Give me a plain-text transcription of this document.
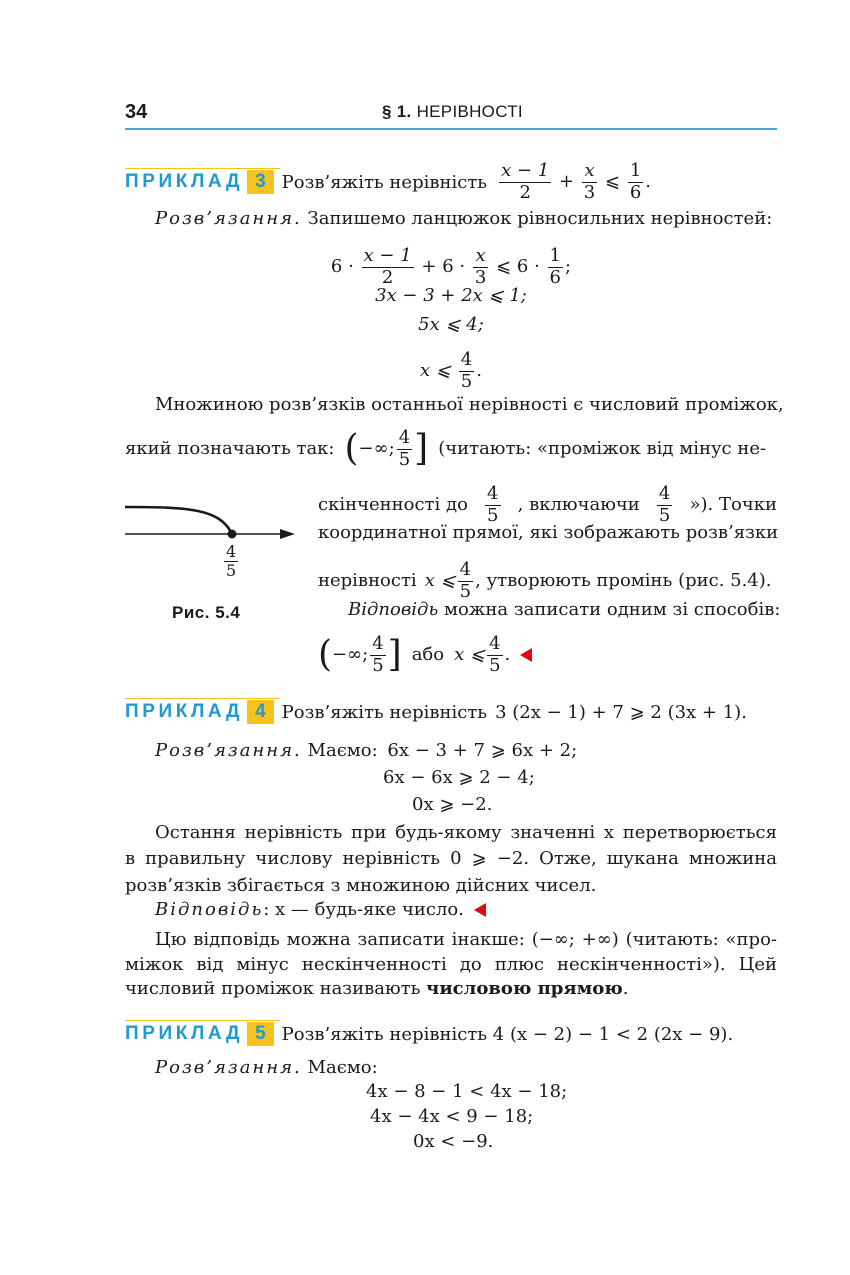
34	§ 1. НЕРІВНОСТІ
ПРИКЛАД 3 Розв’яжіть нерівність $\frac{x - 1}{2} + \frac{x}{3}$ ⩽ $\frac{1}{6}$ .
Розв’язання. Запишемо ланцюжок рівносильних нерівностей:
$6 \cdot \frac{x - 1}{2} + 6 \cdot \frac{x}{3}$ ⩽ $6 \cdot \frac{1}{6}$ ;
3x − 3 + 2x ⩽ 1;
5x ⩽ 4;
x ⩽ $\frac{4}{5}$ .
Множиною розв’язків останньої нерівності є числовий проміжок,
який позначають так: ( −∞; $\frac{4}{5}$ ] (читають: «проміжок від мінус не-
скінченності до $\frac{4}{5}$ , включаючи $\frac{4}{5}$ »). Точки
координатної прямої, які зображають розв’язки
нерівності x ⩽ $\frac{4}{5}$ , утворюють промінь (рис. 5.4).
Відповідь можна записати одним зі способів:
( −∞; $\frac{4}{5}$ ] або x ⩽ $\frac{4}{5}$ .
$\frac{4}{5}$
Рис. 5.4
ПРИКЛАД 4 Розв’яжіть нерівність 3 (2x − 1) + 7 ⩾ 2 (3x + 1).
Розв’язання. Маємо: 6x − 3 + 7 ⩾ 6x + 2;
6x − 6x ⩾ 2 − 4;
0x ⩾ −2.
Остання нерівність при будь-якому значенні x перетворюється
в правильну числову нерівність 0 ⩾ −2. Отже, шукана множина
розв’язків збігається з множиною дійсних чисел.
Відповідь : x — будь-яке число.
Цю відповідь можна записати інакше: (−∞; +∞) (читають: «про-
міжок від мінус нескінченності до плюс нескінченності»). Цей
числовий проміжок називають числовою прямою.
ПРИКЛАД 5 Розв’яжіть нерівність 4 (x − 2) − 1 < 2 (2x − 9).
Розв’язання. Маємо:
4x − 8 − 1 < 4x − 18;
4x − 4x < 9 − 18;
0x < −9.
